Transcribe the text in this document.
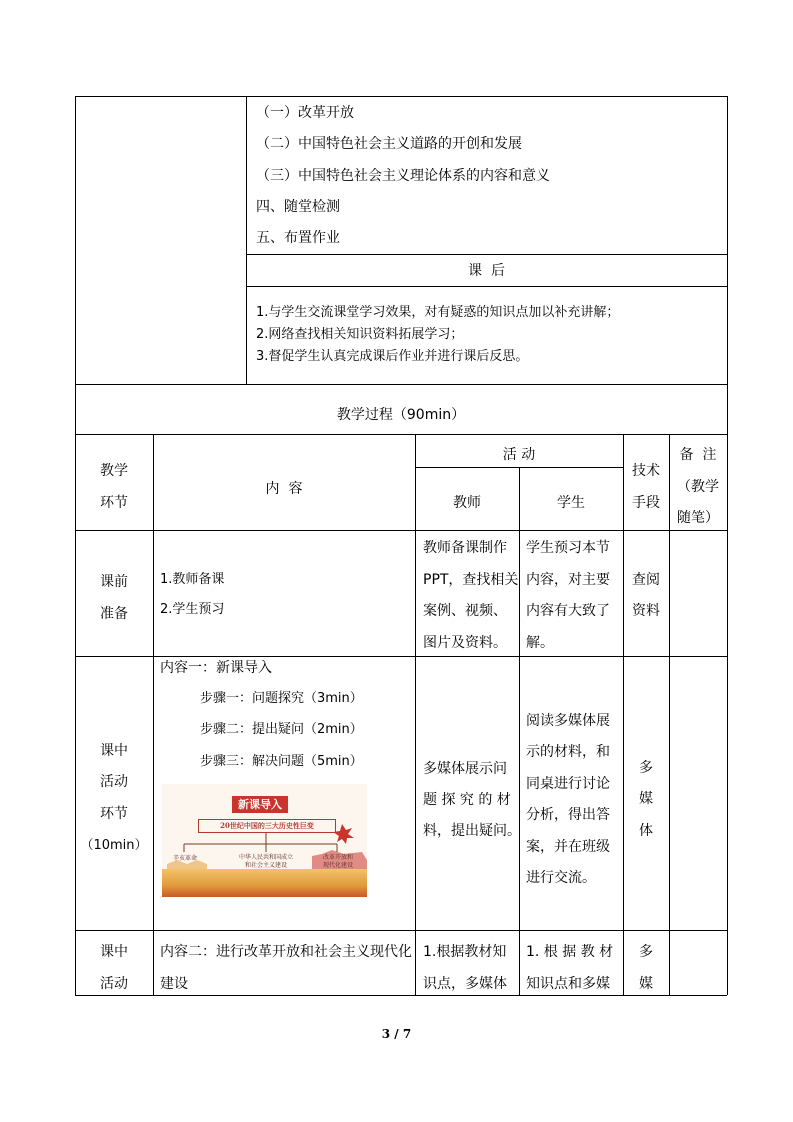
（一）改革开放
（二）中国特色社会主义道路的开创和发展
（三）中国特色社会主义理论体系的内容和意义
四、随堂检测
五、布置作业
课  后
1.与学生交流课堂学习效果，对有疑惑的知识点加以补充讲解；
2.网络查找相关知识资料拓展学习；
3.督促学生认真完成课后作业并进行课后反思。
教学过程（90min）
教学
环节
内  容
活 动
教师	学生
技术
手段
备  注
（教学
随笔）
课前
准备
1.教师备课
2.学生预习
教师备课制作
PPT，查找相关
案例、视频、
图片及资料。
学生预习本节
内容，对主要
内容有大致了
解。
查阅
资料
课中
活动
环节
（10min）
内容一：新课导入
步骤一：问题探究（3min）
步骤二：提出疑问（2min）
步骤三：解决问题（5min）
新课导入
20世纪中国的三大历史性巨变
辛亥革命	中华人民共和国成立
和社会主义建设
改革开放和
现代化建设
多媒体展示问
题 探 究 的 材
料，提出疑问。
阅读多媒体展
示的材料，和
同桌进行讨论
分析，得出答
案，并在班级
进行交流。
多
媒
体
课中
活动
内容二：进行改革开放和社会主义现代化
建设
1.根据教材知
识点，多媒体
1. 根 据 教 材
知识点和多媒
多
媒
3 / 7
